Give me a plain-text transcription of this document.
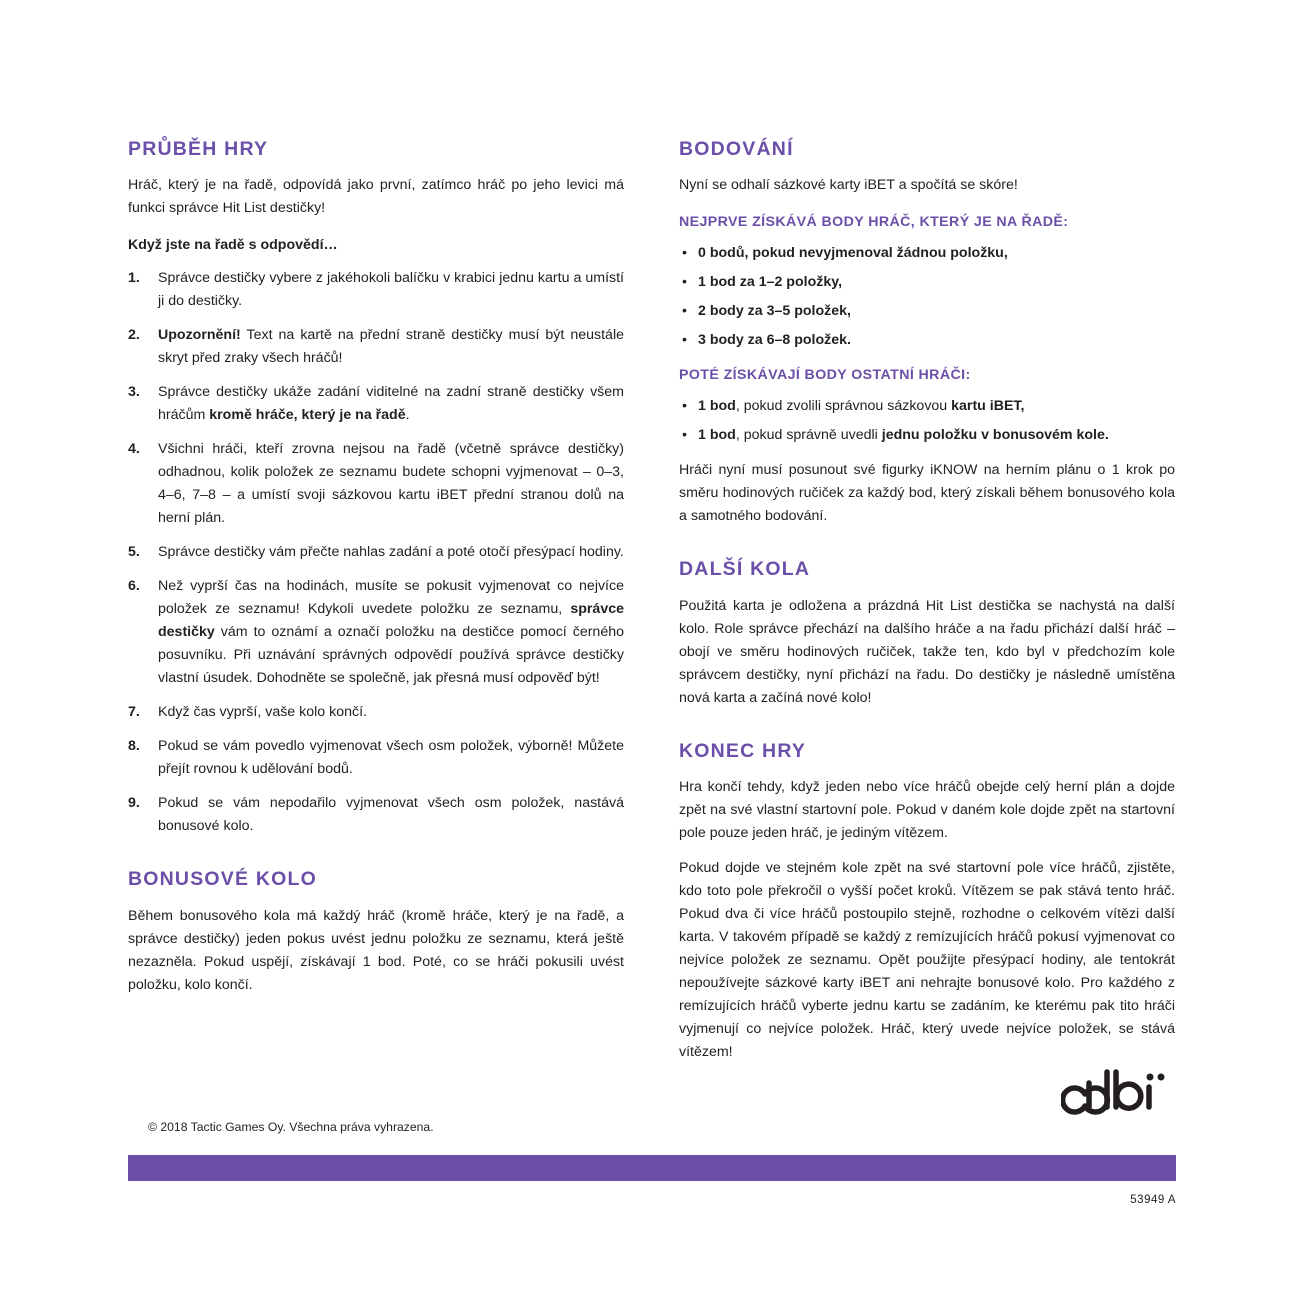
PRŮBĚH HRY

Hráč, který je na řadě, odpovídá jako první, zatímco hráč po jeho levici má funkci správce Hit List destičky!

Když jste na řadě s odpovědí…

1.	Správce destičky vybere z jakéhokoli balíčku v krabici jednu kartu a umístí ji do destičky.
2.	Upozornění! Text na kartě na přední straně destičky musí být neustále skryt před zraky všech hráčů!
3.	Správce destičky ukáže zadání viditelné na zadní straně destičky všem hráčům kromě hráče, který je na řadě.
4.	Všichni hráči, kteří zrovna nejsou na řadě (včetně správce destičky) odhadnou, kolik položek ze seznamu budete schopni vyjmenovat – 0–3, 4–6, 7–8 – a umístí svoji sázkovou kartu iBET přední stranou dolů na herní plán.
5.	Správce destičky vám přečte nahlas zadání a poté otočí přesýpací hodiny.
6.	Než vyprší čas na hodinách, musíte se pokusit vyjmenovat co nejvíce položek ze seznamu! Kdykoli uvedete položku ze seznamu, správce destičky vám to oznámí a označí položku na destičce pomocí černého posuvníku. Při uznávání správných odpovědí používá správce destičky vlastní úsudek. Dohodněte se společně, jak přesná musí odpověď být!
7.	Když čas vyprší, vaše kolo končí.
8.	Pokud se vám povedlo vyjmenovat všech osm položek, výborně! Můžete přejít rovnou k udělování bodů.
9.	Pokud se vám nepodařilo vyjmenovat všech osm položek, nastává bonusové kolo.
BONUSOVÉ KOLO

Během bonusového kola má každý hráč (kromě hráče, který je na řadě, a správce destičky) jeden pokus uvést jednu položku ze seznamu, která ještě nezazněla. Pokud uspějí, získávají 1 bod. Poté, co se hráči pokusili uvést položku, kolo končí.

BODOVÁNÍ

Nyní se odhalí sázkové karty iBET a spočítá se skóre!

NEJPRVE ZÍSKÁVÁ BODY HRÁČ, KTERÝ JE NA ŘADĚ:
• 0 bodů, pokud nevyjmenoval žádnou položku,
• 1 bod za 1–2 položky,
• 2 body za 3–5 položek,
• 3 body za 6–8 položek.
POTÉ ZÍSKÁVAJÍ BODY OSTATNÍ HRÁČI:
• 1 bod, pokud zvolili správnou sázkovou kartu iBET,
• 1 bod, pokud správně uvedli jednu položku v bonusovém kole.

Hráči nyní musí posunout své figurky iKNOW na herním plánu o 1 krok po směru hodinových ručiček za každý bod, který získali během bonusového kola a samotného bodování.

DALŠÍ KOLA

Použitá karta je odložena a prázdná Hit List destička se nachystá na další kolo. Role správce přechází na dalšího hráče a na řadu přichází další hráč – obojí ve směru hodinových ručiček, takže ten, kdo byl v předchozím kole správcem destičky, nyní přichází na řadu. Do destičky je následně umístěna nová karta a začíná nové kolo!

KONEC HRY

Hra končí tehdy, když jeden nebo více hráčů obejde celý herní plán a dojde zpět na své vlastní startovní pole. Pokud v daném kole dojde zpět na startovní pole pouze jeden hráč, je jediným vítězem.

Pokud dojde ve stejném kole zpět na své startovní pole více hráčů, zjistěte, kdo toto pole překročil o vyšší počet kroků. Vítězem se pak stává tento hráč. Pokud dva či více hráčů postoupilo stejně, rozhodne o celkovém vítězi další karta. V takovém případě se každý z remízujících hráčů pokusí vyjmenovat co nejvíce položek ze seznamu. Opět použijte přesýpací hodiny, ale tentokrát nepoužívejte sázkové karty iBET ani nehrajte bonusové kolo. Pro každého z remízujících hráčů vyberte jednu kartu se zadáním, ke kterému pak tito hráči vyjmenují co nejvíce položek. Hráč, který uvede nejvíce položek, se stává vítězem!

© 2018 Tactic Games Oy. Všechna práva vyhrazena.
53949 A
